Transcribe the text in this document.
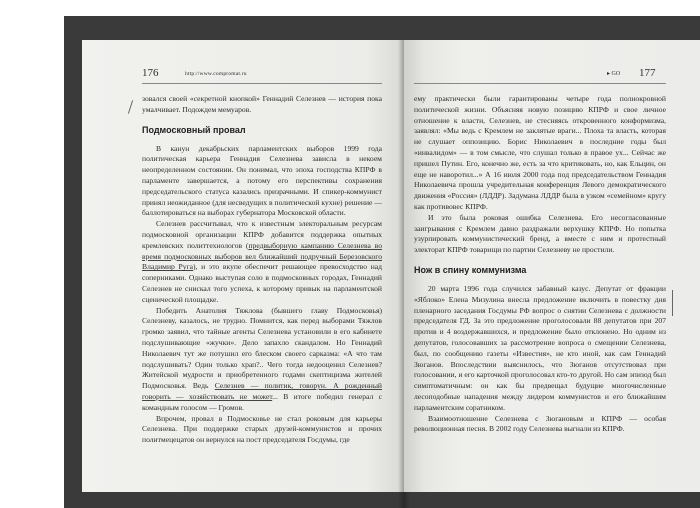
176	http://www.compromat.ru

зовался своей «секретной кнопкой» Геннадий Селезнев — история пока умалчивает. Подождем мемуаров.

Подмосковный провал

В канун декабрьских парламентских выборов 1999 года политическая карьера Геннадия Селезнева зависла в некоем неопределенном состоянии. Он понимал, что эпоха господства КПРФ в парламенте завершается, а потому его перспективы сохранения председательского статуса казались призрачными. И спикер-коммунист принял неожиданное (для несведущих в политической кухне) решение — баллотироваться на выборах губернатора Московской области.

Селезнев рассчитывал, что к известным электоральным ресурсам подмосковной организации КПРФ добавится поддержка опытных кремлевских политтехнологов (предвыборную кампанию Селезнева во время подмосковных выборов вел ближайший подручный Березовского Владимир Руга), и это вкупе обеспечит решающее превосходство над соперниками. Однако выступая соло в подмосковных городах, Геннадий Селезнев не снискал того успеха, к которому привык на парламентской сценической площадке.

Победить Анатолия Тяжлова (бывшего главу Подмосковья) Селезневу, казалось, не трудно. Помнится, как перед выборами Тяжлов громко заявил, что тайные агенты Селезнева установили в его кабинете подслушивающие «жучки». Дело запахло скандалом. Но Геннадий Николаевич тут же потушил его блеском своего сарказма: «А что там подслушивать? Один только храп?.. Чего тогда недооценил Селезнев? Житейской мудрости и приобретенного годами скептицизма жителей Подмосковья. Ведь Селезнев — политик, говорун. А рожденный говорить — хозяйствовать не может... В итоге победил генерал с командным голосом — Громов.

Впрочем, провал в Подмосковье не стал роковым для карьеры Селезнева. При поддержке старых друзей-коммунистов и прочих политмецецатов он вернулся на пост председателя Госдумы, где

▸ GO 177

ему практически были гарантированы четыре года полнокровной политической жизни. Объясняя новую позицию КПРФ и свое личное отношение к власти, Селезнев, не стесняясь откровенного конформизма, заявлял: «Мы ведь с Кремлем не заклятые враги... Плоха та власть, которая не слушает оппозицию. Борис Николаевич в последние годы был «инвалидом» — в том смысле, что слушал только в правое ух... Сейчас же пришел Путин. Его, конечно же, есть за что критиковать, но, как Ельцин, он еще не наворотил...» А 16 июля 2000 года под председательством Геннадия Николаевича прошла учредительная конференция Левого демократического движения «Россия» (ЛДДР). Задумана ЛДДР была в узком «семейном» кругу как противовес КПРФ.

И это была роковая ошибка Селезнева. Его несогласованные заигрывания с Кремлем давно раздражали верхушку КПРФ. Но попытка узурпировать коммунистический бренд, а вместе с ним и протестный электорат КПРФ товарищи по партии Селезневу не простили.

Нож в спину коммунизма

20 марта 1996 года случился забавный казус. Депутат от фракции «Яблоко» Елена Мизулина внесла предложение включить в повестку дня пленарного заседания Госдумы РФ вопрос о снятии Селезнева с должности председателя ГД. За это предложение проголосовали 88 депутатов при 207 против и 4 воздержавшихся, и предложение было отклонено. Но одним из депутатов, голосовавших за рассмотрение вопроса о смещении Селезнева, был, по сообщению газеты «Известия», не кто иной, как сам Геннадий Зюганов. Впоследствии выяснилось, что Зюганов отсутствовал при голосовании, и его карточкой проголосовал кто-то другой. Но сам эпизод был симптоматичным: он как бы предвещал будущие многочисленные лесоподобные нападения между лидером коммунистов и его ближайшим парламентским соратником.

Взаимоотношение Селезнева с Зюгановым и КПРФ — особая революционная песня. В 2002 году Селезнева выгнали из КПРФ.
